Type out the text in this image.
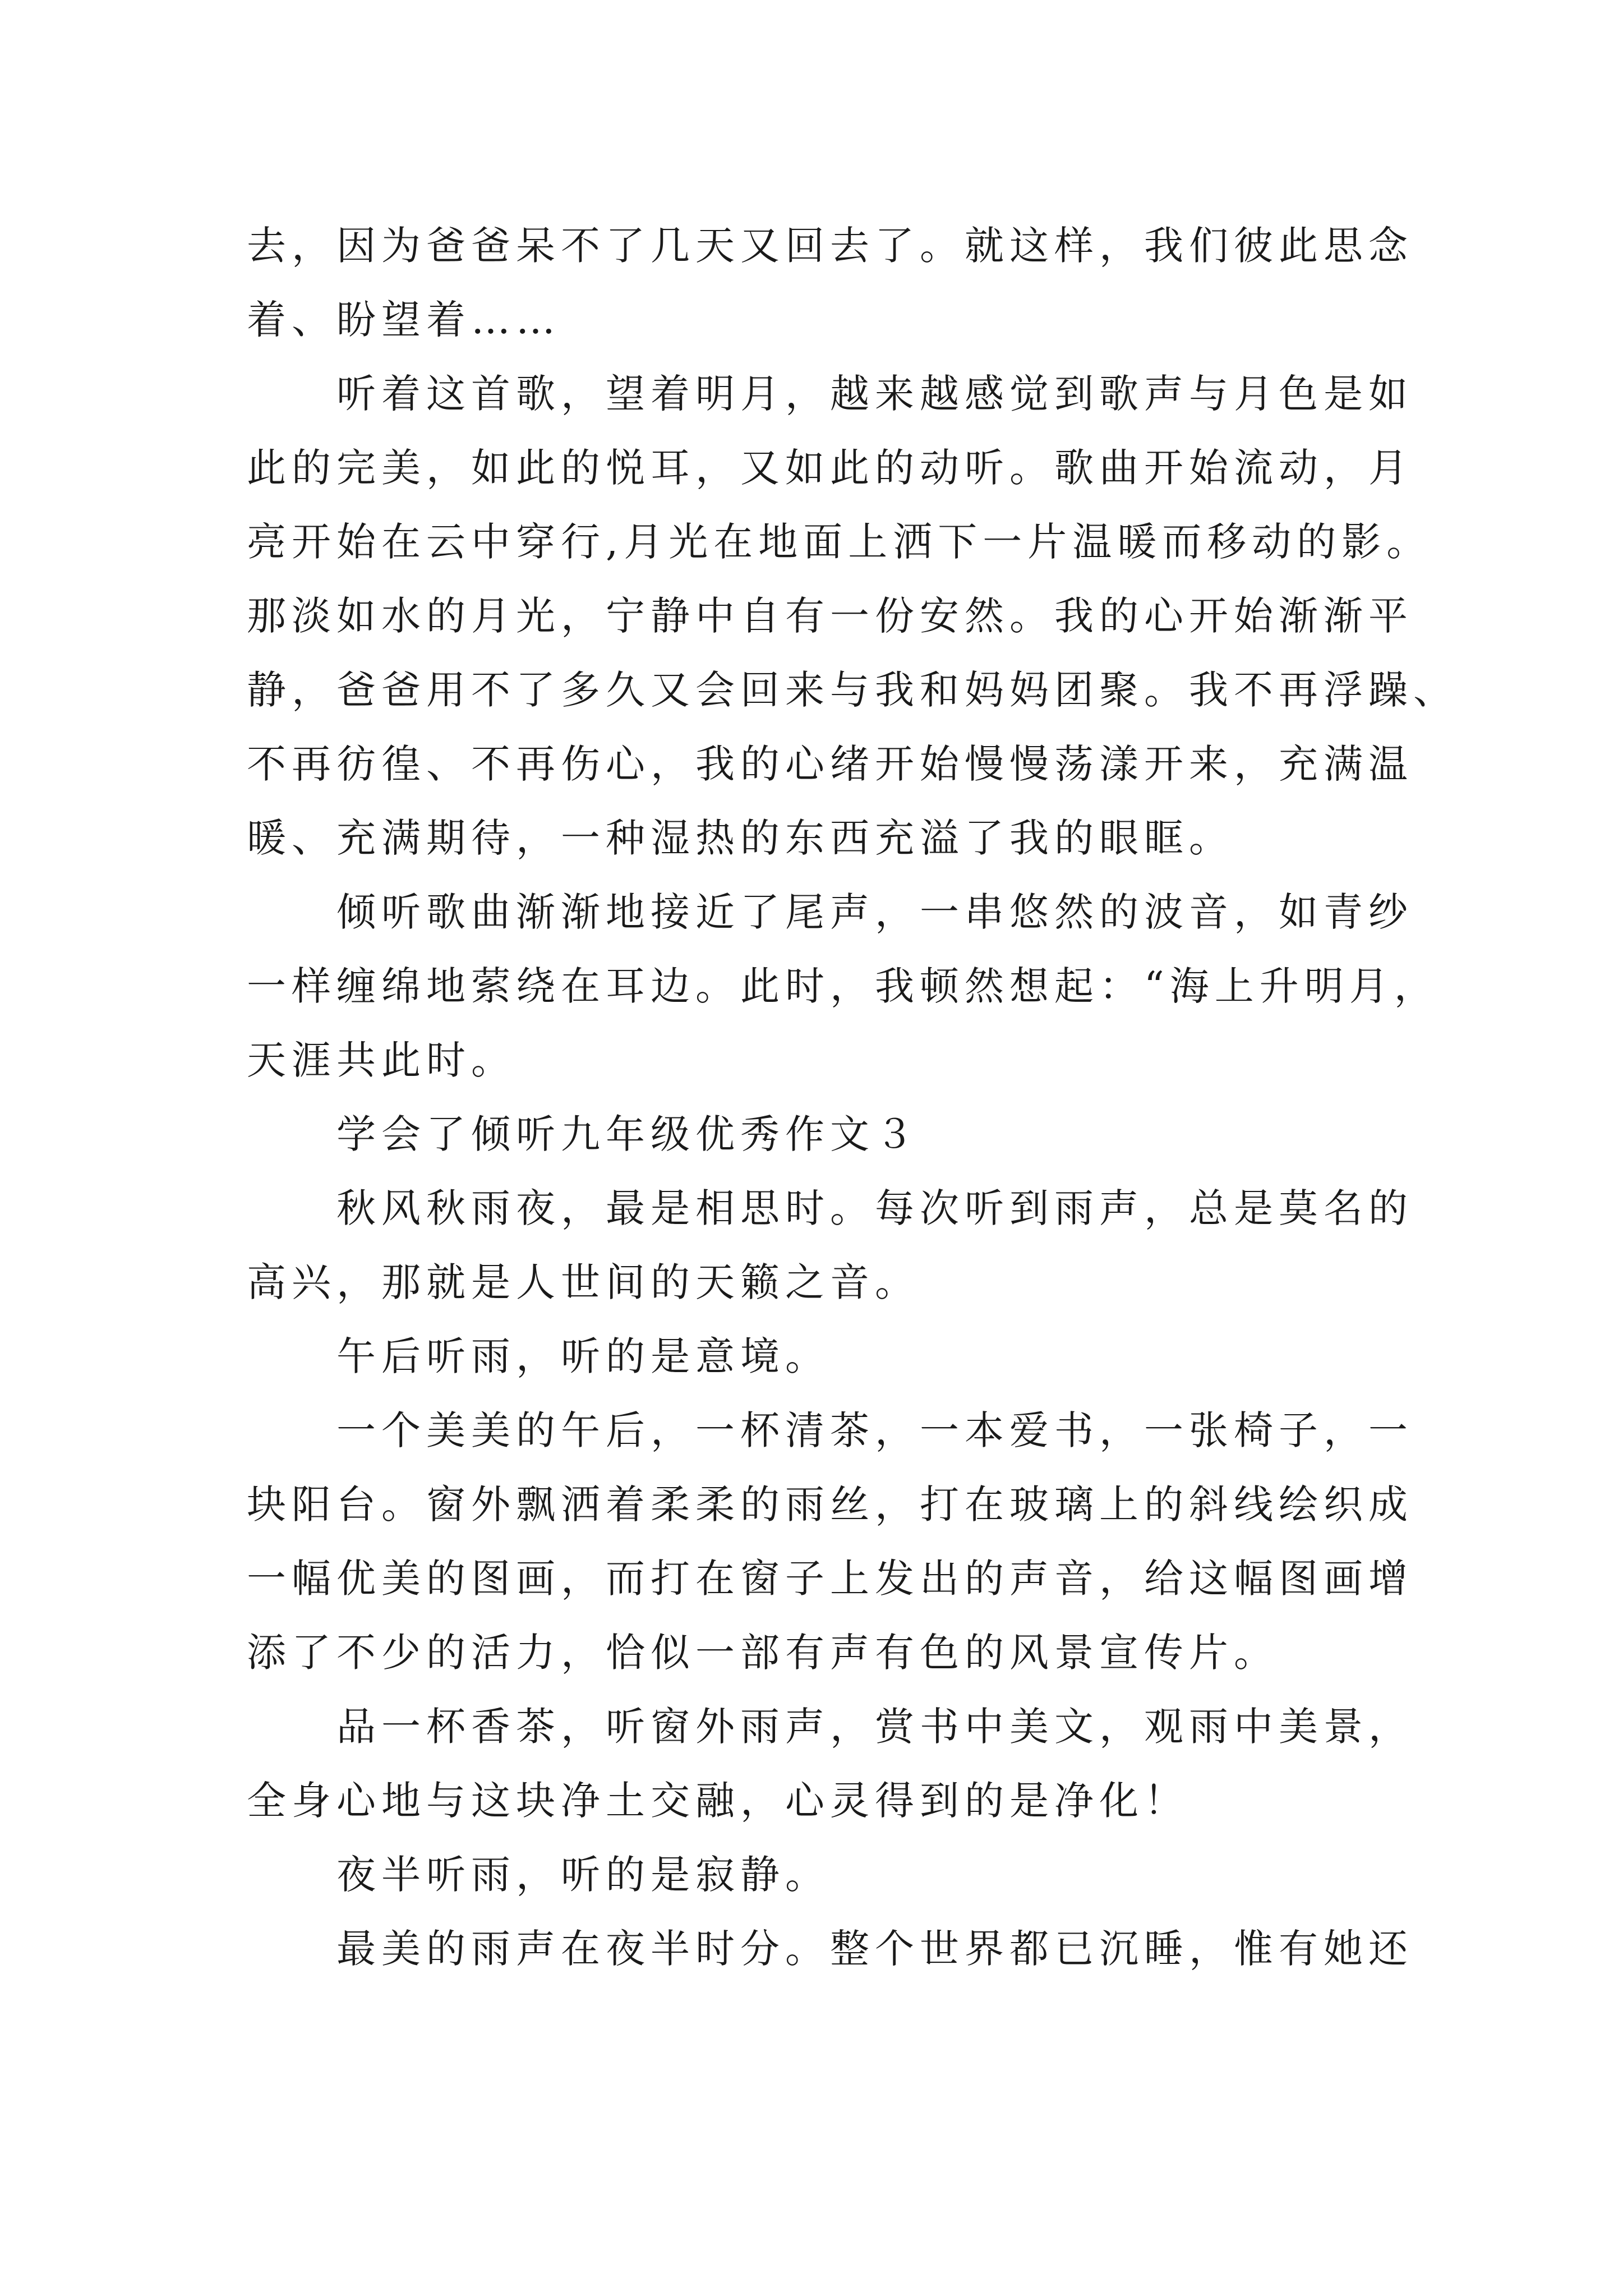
去，因为爸爸呆不了几天又回去了。就这样，我们彼此思念
着、盼望着……
听着这首歌，望着明月，越来越感觉到歌声与月色是如
此的完美，如此的悦耳，又如此的动听。歌曲开始流动，月
亮开始在云中穿行,月光在地面上洒下一片温暖而移动的影。
那淡如水的月光，宁静中自有一份安然。我的心开始渐渐平
静，爸爸用不了多久又会回来与我和妈妈团聚。我不再浮躁、
不再彷徨、不再伤心，我的心绪开始慢慢荡漾开来，充满温
暖、充满期待，一种湿热的东西充溢了我的眼眶。
倾听歌曲渐渐地接近了尾声，一串悠然的波音，如青纱
一样缠绵地萦绕在耳边。此时，我顿然想起：“海上升明月，
天涯共此时。
学会了倾听九年级优秀作文３
秋风秋雨夜，最是相思时。每次听到雨声，总是莫名的
高兴，那就是人世间的天籁之音。
午后听雨，听的是意境。
一个美美的午后，一杯清茶，一本爱书，一张椅子，一
块阳台。窗外飘洒着柔柔的雨丝，打在玻璃上的斜线绘织成
一幅优美的图画，而打在窗子上发出的声音，给这幅图画增
添了不少的活力，恰似一部有声有色的风景宣传片。
品一杯香茶，听窗外雨声，赏书中美文，观雨中美景，
全身心地与这块净土交融，心灵得到的是净化！
夜半听雨，听的是寂静。
最美的雨声在夜半时分。整个世界都已沉睡，惟有她还
